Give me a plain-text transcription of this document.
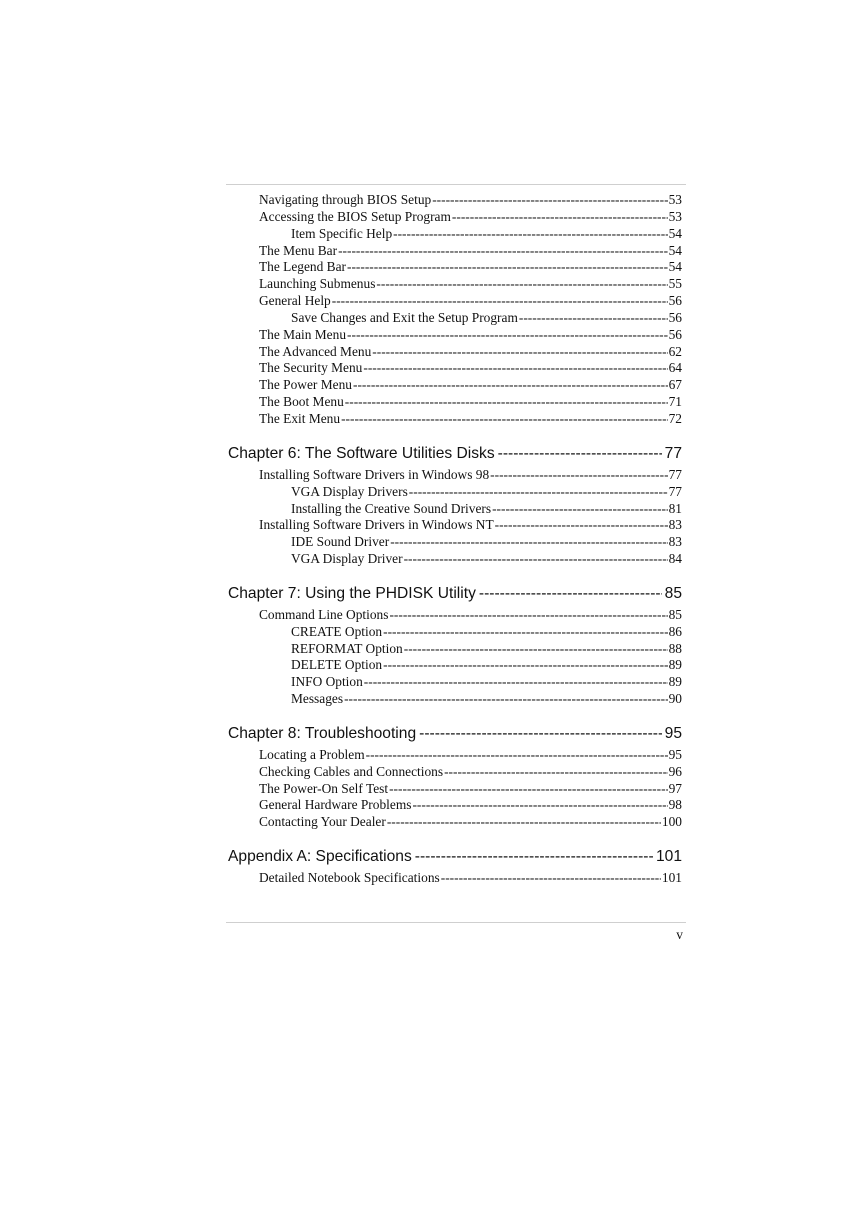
Navigating through BIOS Setup -----	53
Accessing the BIOS Setup Program -----	53
Item Specific Help -----	54
The Menu Bar -----	54
The Legend Bar -----	54
Launching Submenus -----	55
General Help -----	56
Save Changes and Exit the Setup Program -----	56
The Main Menu -----	56
The Advanced Menu -----	62
The Security Menu -----	64
The Power Menu -----	67
The Boot Menu -----	71
The Exit Menu -----	72
Chapter 6: The Software Utilities Disks -----	77
Installing Software Drivers in Windows 98 -----	77
VGA Display Drivers -----	77
Installing the Creative Sound Drivers -----	81
Installing Software Drivers in Windows NT -----	83
IDE Sound Driver -----	83
VGA Display Driver -----	84
Chapter 7: Using the PHDISK Utility -----	85
Command Line Options -----	85
CREATE Option -----	86
REFORMAT Option -----	88
DELETE Option -----	89
INFO Option -----	89
Messages -----	90
Chapter 8: Troubleshooting -----	95
Locating a Problem -----	95
Checking Cables and Connections -----	96
The Power-On Self Test -----	97
General Hardware Problems -----	98
Contacting Your Dealer -----	100
Appendix A: Specifications -----	101
Detailed Notebook Specifications -----	101
v
